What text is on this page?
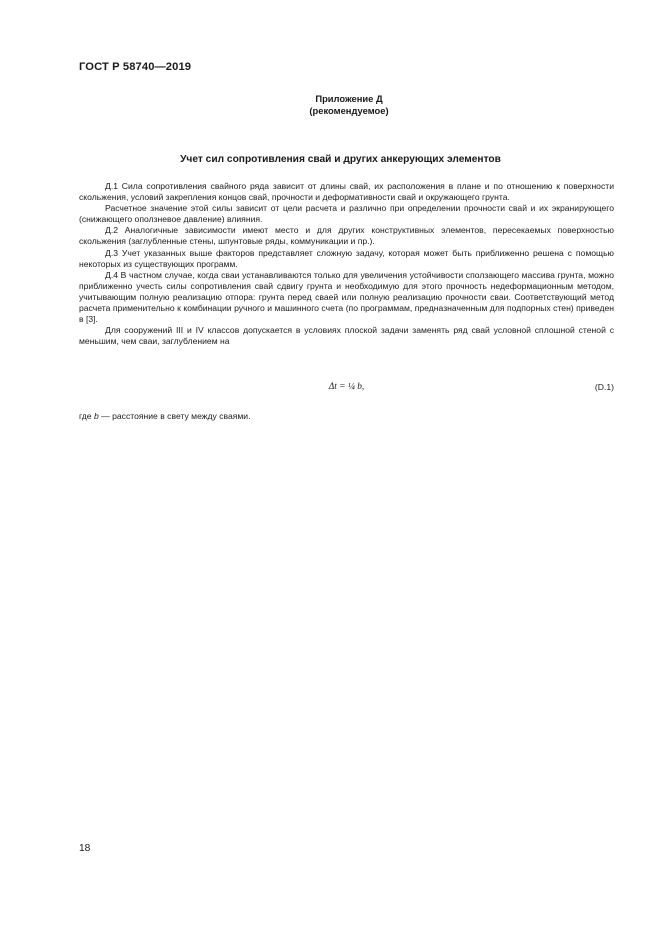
ГОСТ Р 58740—2019
Приложение Д
(рекомендуемое)
Учет сил сопротивления свай и других анкерующих элементов

Д.1 Сила сопротивления свайного ряда зависит от длины свай, их расположения в плане и по отношению к поверхности скольжения, условий закрепления концов свай, прочности и деформативности свай и окружающего грунта.

Расчетное значение этой силы зависит от цели расчета и различно при определении прочности свай и их экранирующего (снижающего оползневое давление) влияния.

Д.2 Аналогичные зависимости имеют место и для других конструктивных элементов, пересекаемых поверхностью скольжения (заглубленные стены, шпунтовые ряды, коммуникации и пр.).

Д.3 Учет указанных выше факторов представляет сложную задачу, которая может быть приближенно решена с помощью некоторых из существующих программ.

Д.4 В частном случае, когда сваи устанавливаются только для увеличения устойчивости сползающего массива грунта, можно приближенно учесть силы сопротивления свай сдвигу грунта и необходимую для этого прочность недеформационным методом, учитывающим полную реализацию отпора: грунта перед сваей или полную реализацию прочности сваи. Соответствующий метод расчета применительно к комбинации ручного и машинного счета (по программам, предназначенным для подпорных стен) приведен в [3].

Для сооружений III и IV классов допускается в условиях плоской задачи заменять ряд свай условной сплошной стеной с меньшим, чем сваи, заглублением на

Δt = ¼ b,	(D.1)
где b — расстояние в свету между сваями.
18
